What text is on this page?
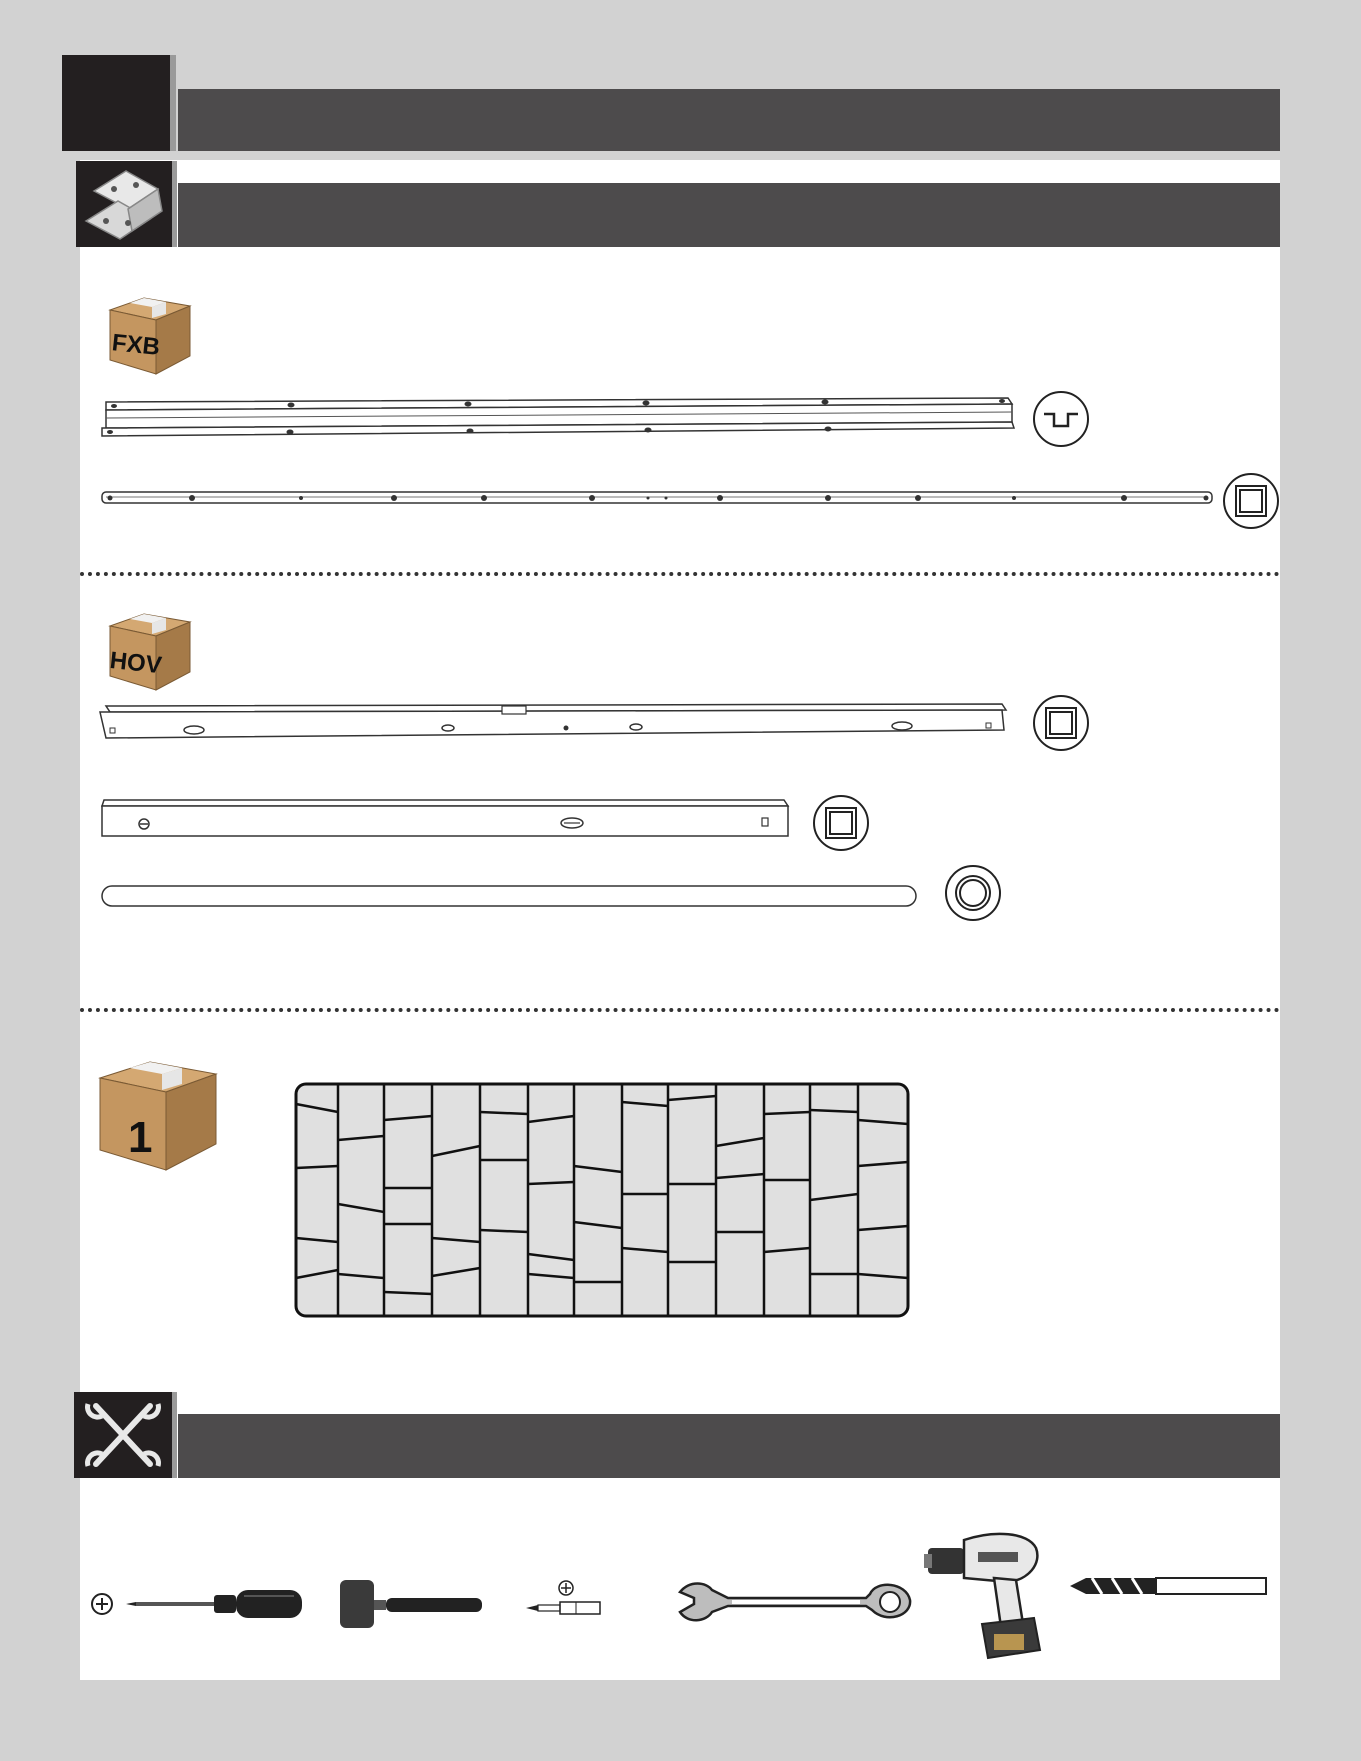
FXB
HOV
1
